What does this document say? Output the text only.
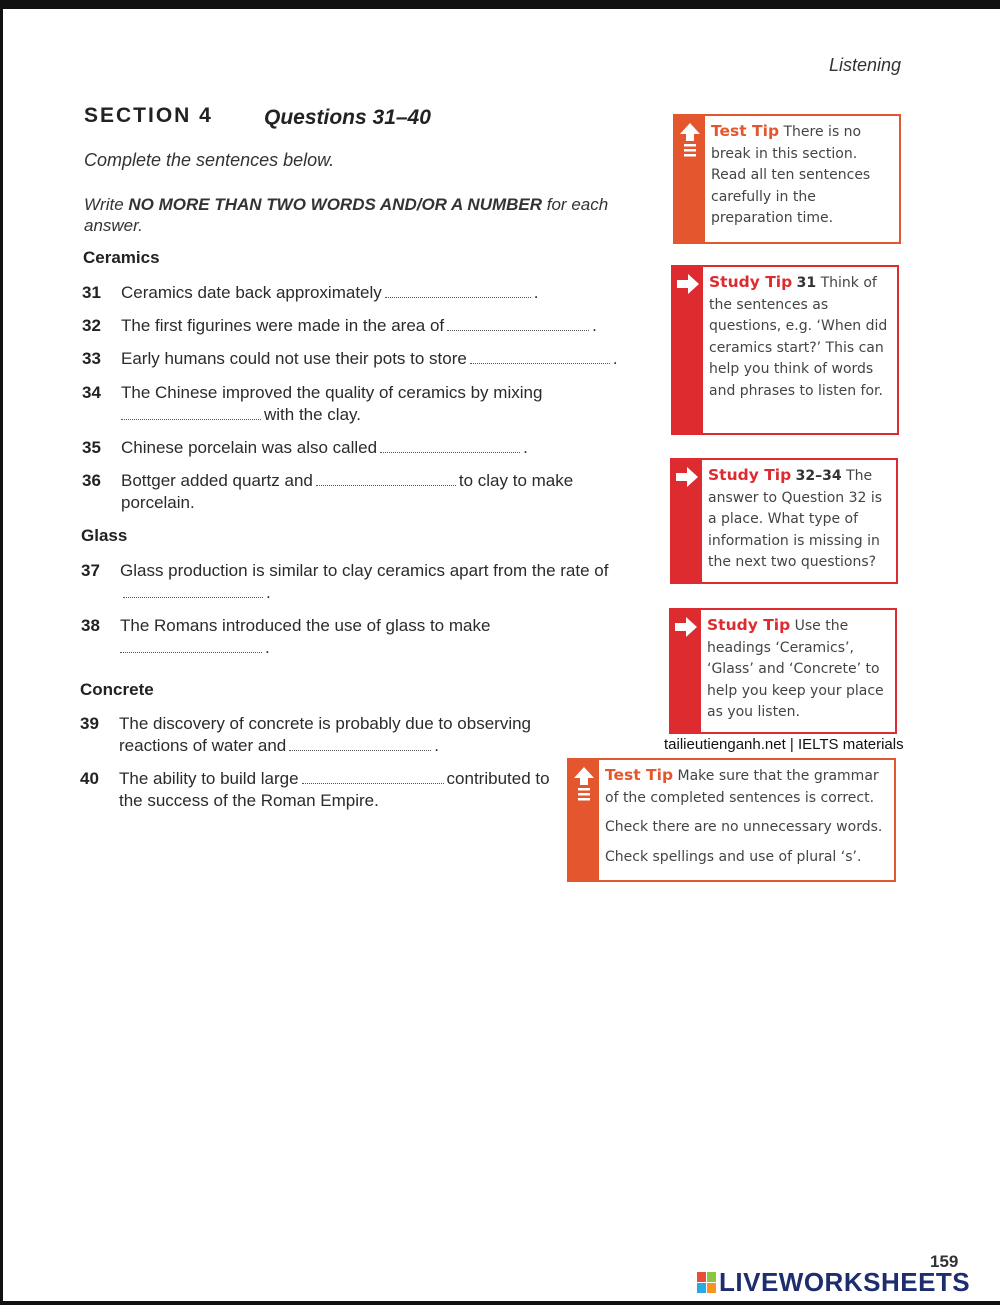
Listening
SECTION 4 Questions 31–40
Complete the sentences below.
Write NO MORE THAN TWO WORDS AND/OR A NUMBER for each answer.
Ceramics
31 Ceramics date back approximately	.
32 The first figurines were made in the area of	.
33 Early humans could not use their pots to store	.
34 The Chinese improved the quality of ceramics by mixing with the clay.
35 Chinese porcelain was also called	.
36 Bottger added quartz and	to clay to make porcelain.
Glass
37 Glass production is similar to clay ceramics apart from the rate of.
38 The Romans introduced the use of glass to make .
Concrete
39 The discovery of concrete is probably due to observing reactions of water and	.
40 The ability to build large	contributed to the success of the Roman Empire.
Test Tip There is no break in this section. Read all ten sentences carefully in the preparation time.
Study Tip 31 Think of the sentences as questions, e.g. ‘When did ceramics start?’ This can help you think of words and phrases to listen for.
Study Tip 32–34 The answer to Question 32 is a place. What type of information is missing in the next two questions?
Study Tip Use the headings ‘Ceramics’, ‘Glass’ and ‘Concrete’ to help you keep your place as you listen.
tailieutienganh.net | IELTS materials
Test Tip Make sure that the grammar of the completed sentences is correct.
Check there are no unnecessary words.
Check spellings and use of plural ‘s’.
159
LIVEWORKSHEETS
